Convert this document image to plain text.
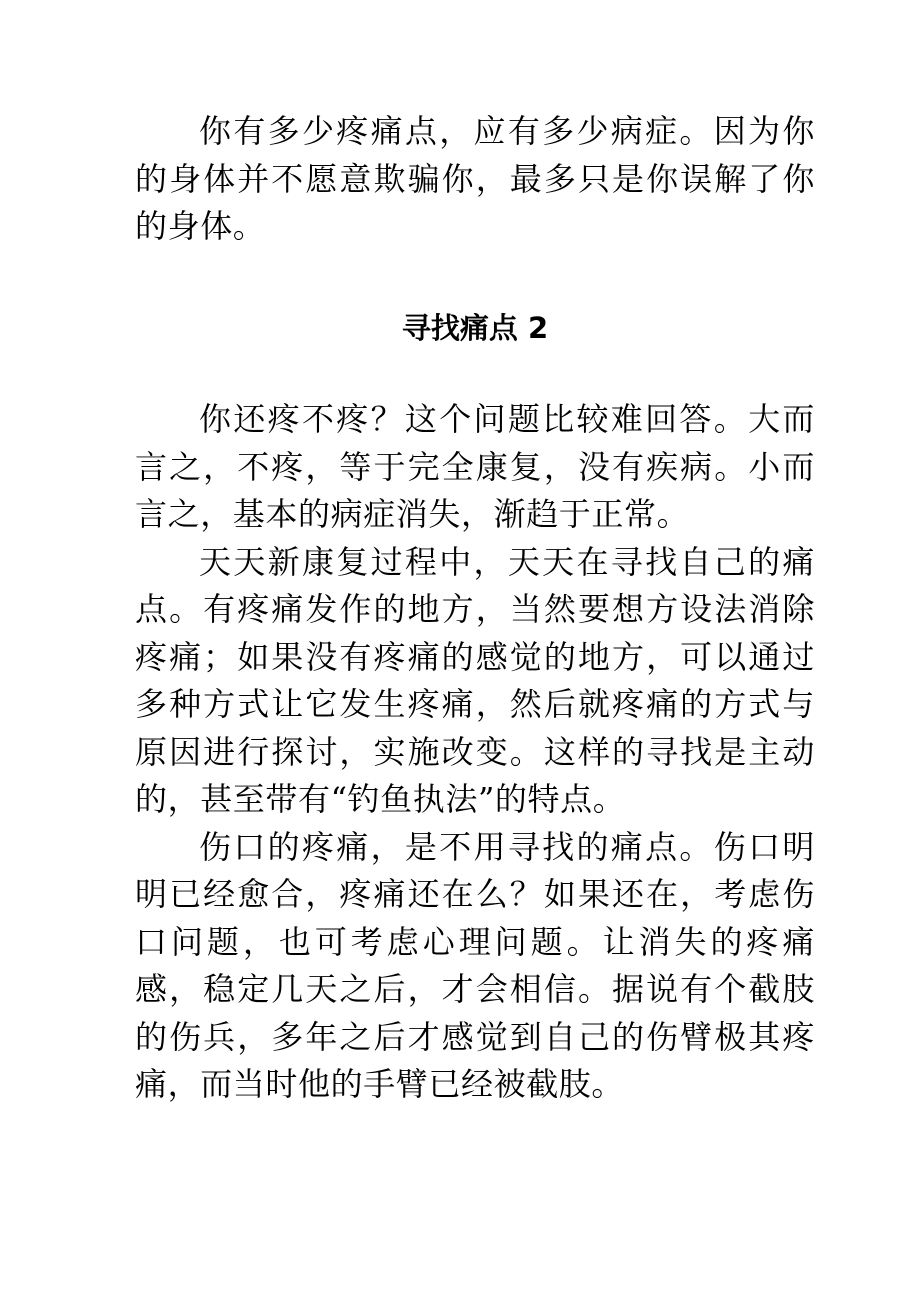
你有多少疼痛点，应有多少病症。因为你的身体并不愿意欺骗你，最多只是你误解了你的身体。

寻找痛点 2

你还疼不疼？这个问题比较难回答。大而言之，不疼，等于完全康复，没有疾病。小而言之，基本的病症消失，渐趋于正常。

天天新康复过程中，天天在寻找自己的痛点。有疼痛发作的地方，当然要想方设法消除疼痛；如果没有疼痛的感觉的地方，可以通过多种方式让它发生疼痛，然后就疼痛的方式与原因进行探讨，实施改变。这样的寻找是主动的，甚至带有“钓鱼执法”的特点。

伤口的疼痛，是不用寻找的痛点。伤口明明已经愈合，疼痛还在么？如果还在，考虑伤口问题，也可考虑心理问题。让消失的疼痛感，稳定几天之后，才会相信。据说有个截肢的伤兵，多年之后才感觉到自己的伤臂极其疼痛，而当时他的手臂已经被截肢。
